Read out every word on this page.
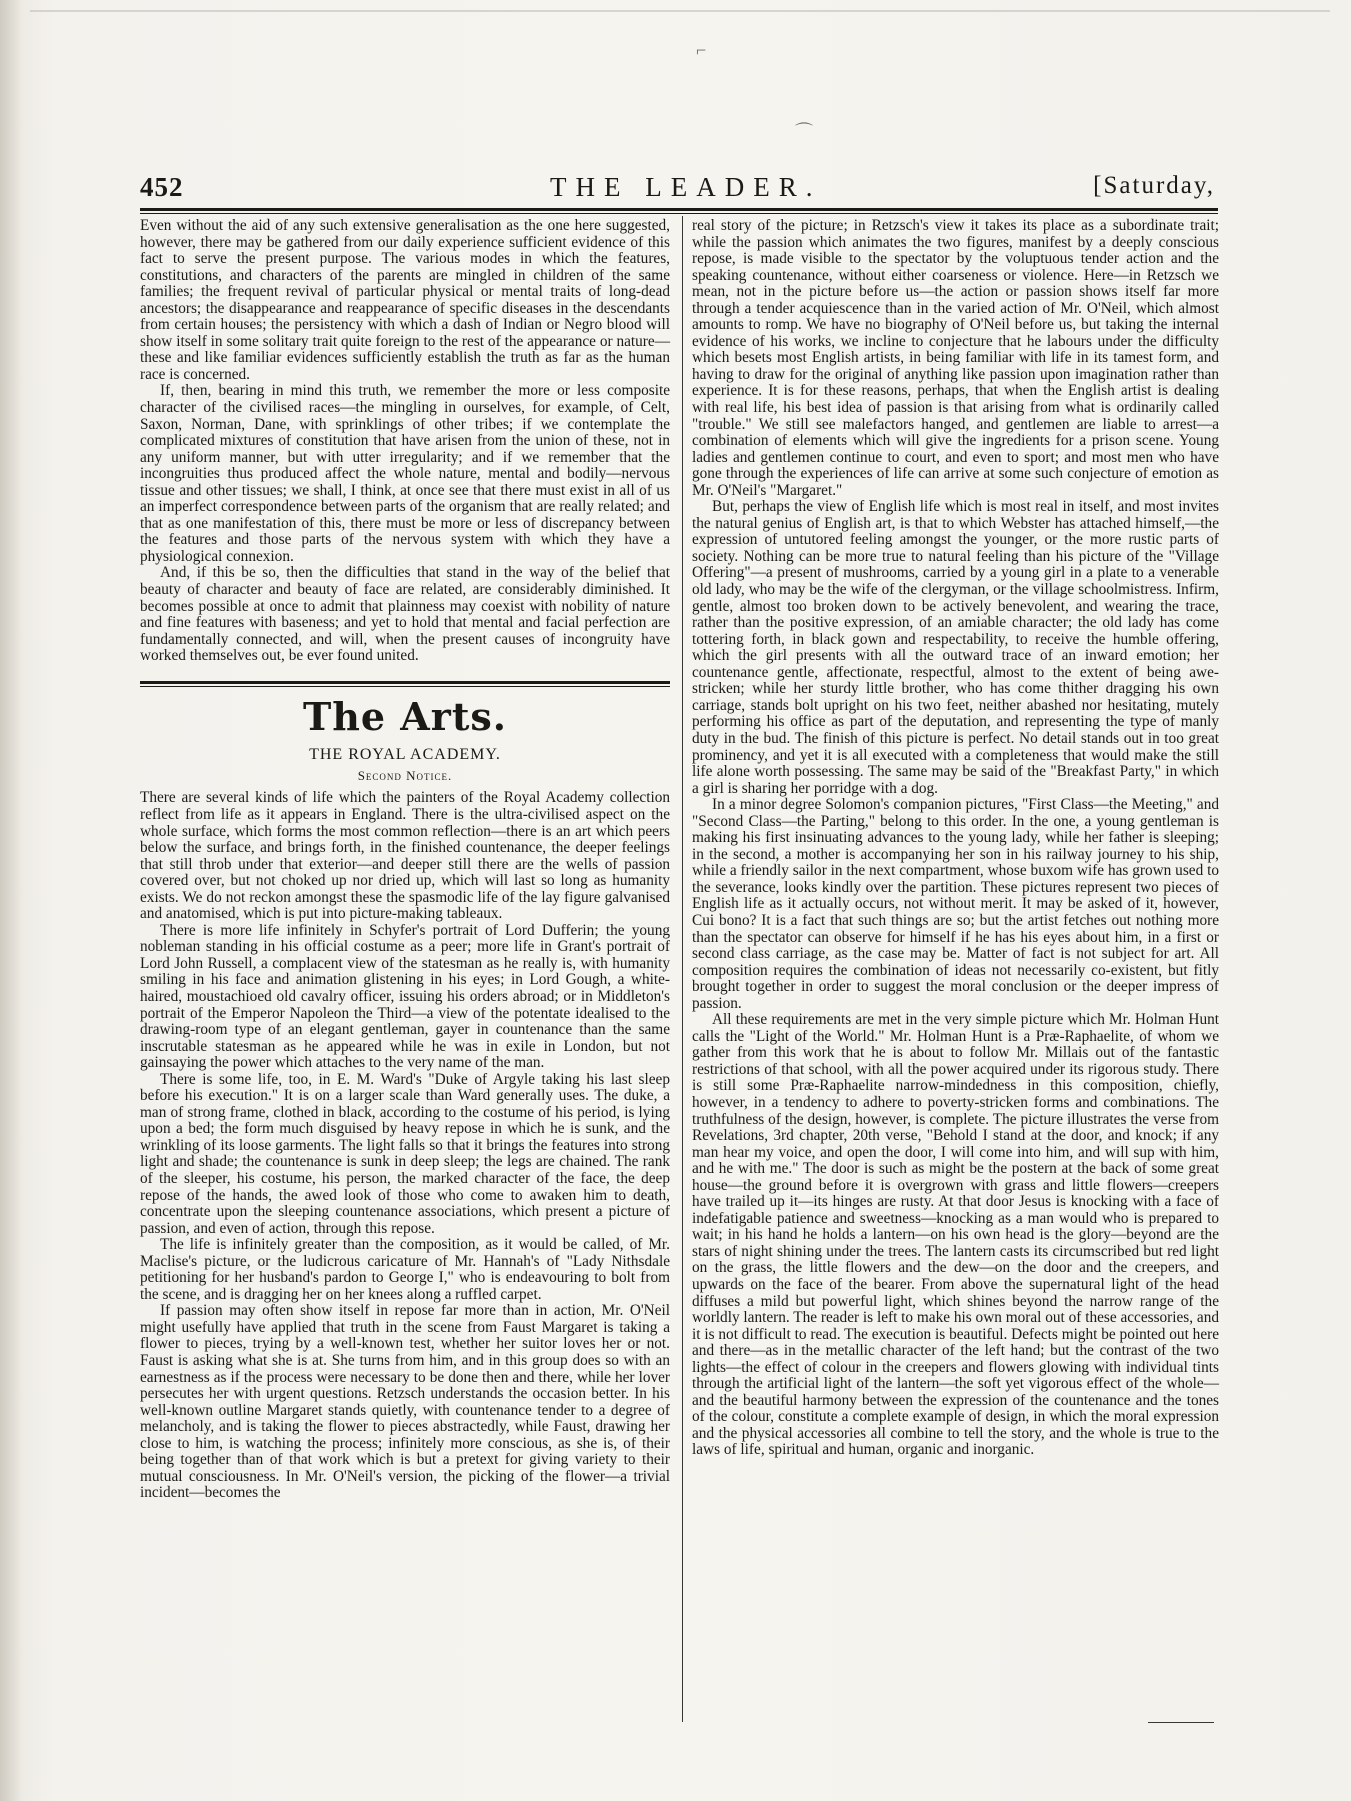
⌐
⌒
452	THE LEADER.	[Saturday,

Even without the aid of any such extensive generalisation as the one here suggested, however, there may be gathered from our daily experience sufficient evidence of this fact to serve the present purpose. The various modes in which the features, constitutions, and characters of the parents are mingled in children of the same families; the frequent revival of particular physical or mental traits of long-dead ancestors; the disappearance and reappearance of specific diseases in the descendants from certain houses; the persistency with which a dash of Indian or Negro blood will show itself in some solitary trait quite foreign to the rest of the appearance or nature—these and like familiar evidences sufficiently establish the truth as far as the human race is concerned.

If, then, bearing in mind this truth, we remember the more or less composite character of the civilised races—the mingling in ourselves, for example, of Celt, Saxon, Norman, Dane, with sprinklings of other tribes; if we contemplate the complicated mixtures of constitution that have arisen from the union of these, not in any uniform manner, but with utter irregularity; and if we remember that the incongruities thus produced affect the whole nature, mental and bodily—nervous tissue and other tissues; we shall, I think, at once see that there must exist in all of us an imperfect correspondence between parts of the organism that are really related; and that as one manifestation of this, there must be more or less of discrepancy between the features and those parts of the nervous system with which they have a physiological connexion.

And, if this be so, then the difficulties that stand in the way of the belief that beauty of character and beauty of face are related, are considerably diminished. It becomes possible at once to admit that plainness may coexist with nobility of nature and fine features with baseness; and yet to hold that mental and facial perfection are fundamentally connected, and will, when the present causes of incongruity have worked themselves out, be ever found united.

The Arts.
THE ROYAL ACADEMY.
Second Notice.

There are several kinds of life which the painters of the Royal Academy collection reflect from life as it appears in England. There is the ultra-civilised aspect on the whole surface, which forms the most common reflection—there is an art which peers below the surface, and brings forth, in the finished countenance, the deeper feelings that still throb under that exterior—and deeper still there are the wells of passion covered over, but not choked up nor dried up, which will last so long as humanity exists. We do not reckon amongst these the spasmodic life of the lay figure galvanised and anatomised, which is put into picture-making tableaux.

There is more life infinitely in Schyfer's portrait of Lord Dufferin; the young nobleman standing in his official costume as a peer; more life in Grant's portrait of Lord John Russell, a complacent view of the statesman as he really is, with humanity smiling in his face and animation glistening in his eyes; in Lord Gough, a white-haired, moustachioed old cavalry officer, issuing his orders abroad; or in Middleton's portrait of the Emperor Napoleon the Third—a view of the potentate idealised to the drawing-room type of an elegant gentleman, gayer in countenance than the same inscrutable statesman as he appeared while he was in exile in London, but not gainsaying the power which attaches to the very name of the man.

There is some life, too, in E. M. Ward's "Duke of Argyle taking his last sleep before his execution." It is on a larger scale than Ward generally uses. The duke, a man of strong frame, clothed in black, according to the costume of his period, is lying upon a bed; the form much disguised by heavy repose in which he is sunk, and the wrinkling of its loose garments. The light falls so that it brings the features into strong light and shade; the countenance is sunk in deep sleep; the legs are chained. The rank of the sleeper, his costume, his person, the marked character of the face, the deep repose of the hands, the awed look of those who come to awaken him to death, concentrate upon the sleeping countenance associations, which present a picture of passion, and even of action, through this repose.

The life is infinitely greater than the composition, as it would be called, of Mr. Maclise's picture, or the ludicrous caricature of Mr. Hannah's of "Lady Nithsdale petitioning for her husband's pardon to George I," who is endeavouring to bolt from the scene, and is dragging her on her knees along a ruffled carpet.

If passion may often show itself in repose far more than in action, Mr. O'Neil might usefully have applied that truth in the scene from Faust Margaret is taking a flower to pieces, trying by a well-known test, whether her suitor loves her or not. Faust is asking what she is at. She turns from him, and in this group does so with an earnestness as if the process were necessary to be done then and there, while her lover persecutes her with urgent questions. Retzsch understands the occasion better. In his well-known outline Margaret stands quietly, with countenance tender to a degree of melancholy, and is taking the flower to pieces abstractedly, while Faust, drawing her close to him, is watching the process; infinitely more conscious, as she is, of their being together than of that work which is but a pretext for giving variety to their mutual consciousness. In Mr. O'Neil's version, the picking of the flower—a trivial incident—becomes the

real story of the picture; in Retzsch's view it takes its place as a subordinate trait; while the passion which animates the two figures, manifest by a deeply conscious repose, is made visible to the spectator by the voluptuous tender action and the speaking countenance, without either coarseness or violence. Here—in Retzsch we mean, not in the picture before us—the action or passion shows itself far more through a tender acquiescence than in the varied action of Mr. O'Neil, which almost amounts to romp. We have no biography of O'Neil before us, but taking the internal evidence of his works, we incline to conjecture that he labours under the difficulty which besets most English artists, in being familiar with life in its tamest form, and having to draw for the original of anything like passion upon imagination rather than experience. It is for these reasons, perhaps, that when the English artist is dealing with real life, his best idea of passion is that arising from what is ordinarily called "trouble." We still see malefactors hanged, and gentlemen are liable to arrest—a combination of elements which will give the ingredients for a prison scene. Young ladies and gentlemen continue to court, and even to sport; and most men who have gone through the experiences of life can arrive at some such conjecture of emotion as Mr. O'Neil's "Margaret."

But, perhaps the view of English life which is most real in itself, and most invites the natural genius of English art, is that to which Webster has attached himself,—the expression of untutored feeling amongst the younger, or the more rustic parts of society. Nothing can be more true to natural feeling than his picture of the "Village Offering"—a present of mushrooms, carried by a young girl in a plate to a venerable old lady, who may be the wife of the clergyman, or the village schoolmistress. Infirm, gentle, almost too broken down to be actively benevolent, and wearing the trace, rather than the positive expression, of an amiable character; the old lady has come tottering forth, in black gown and respectability, to receive the humble offering, which the girl presents with all the outward trace of an inward emotion; her countenance gentle, affectionate, respectful, almost to the extent of being awe-stricken; while her sturdy little brother, who has come thither dragging his own carriage, stands bolt upright on his two feet, neither abashed nor hesitating, mutely performing his office as part of the deputation, and representing the type of manly duty in the bud. The finish of this picture is perfect. No detail stands out in too great prominency, and yet it is all executed with a completeness that would make the still life alone worth possessing. The same may be said of the "Breakfast Party," in which a girl is sharing her porridge with a dog.

In a minor degree Solomon's companion pictures, "First Class—the Meeting," and "Second Class—the Parting," belong to this order. In the one, a young gentleman is making his first insinuating advances to the young lady, while her father is sleeping; in the second, a mother is accompanying her son in his railway journey to his ship, while a friendly sailor in the next compartment, whose buxom wife has grown used to the severance, looks kindly over the partition. These pictures represent two pieces of English life as it actually occurs, not without merit. It may be asked of it, however, Cui bono? It is a fact that such things are so; but the artist fetches out nothing more than the spectator can observe for himself if he has his eyes about him, in a first or second class carriage, as the case may be. Matter of fact is not subject for art. All composition requires the combination of ideas not necessarily co-existent, but fitly brought together in order to suggest the moral conclusion or the deeper impress of passion.

All these requirements are met in the very simple picture which Mr. Holman Hunt calls the "Light of the World." Mr. Holman Hunt is a Præ-Raphaelite, of whom we gather from this work that he is about to follow Mr. Millais out of the fantastic restrictions of that school, with all the power acquired under its rigorous study. There is still some Præ-Raphaelite narrow-mindedness in this composition, chiefly, however, in a tendency to adhere to poverty-stricken forms and combinations. The truthfulness of the design, however, is complete. The picture illustrates the verse from Revelations, 3rd chapter, 20th verse, "Behold I stand at the door, and knock; if any man hear my voice, and open the door, I will come into him, and will sup with him, and he with me." The door is such as might be the postern at the back of some great house—the ground before it is overgrown with grass and little flowers—creepers have trailed up it—its hinges are rusty. At that door Jesus is knocking with a face of indefatigable patience and sweetness—knocking as a man would who is prepared to wait; in his hand he holds a lantern—on his own head is the glory—beyond are the stars of night shining under the trees. The lantern casts its circumscribed but red light on the grass, the little flowers and the dew—on the door and the creepers, and upwards on the face of the bearer. From above the supernatural light of the head diffuses a mild but powerful light, which shines beyond the narrow range of the worldly lantern. The reader is left to make his own moral out of these accessories, and it is not difficult to read. The execution is beautiful. Defects might be pointed out here and there—as in the metallic character of the left hand; but the contrast of the two lights—the effect of colour in the creepers and flowers glowing with individual tints through the artificial light of the lantern—the soft yet vigorous effect of the whole—and the beautiful harmony between the expression of the countenance and the tones of the colour, constitute a complete example of design, in which the moral expression and the physical accessories all combine to tell the story, and the whole is true to the laws of life, spiritual and human, organic and inorganic.
